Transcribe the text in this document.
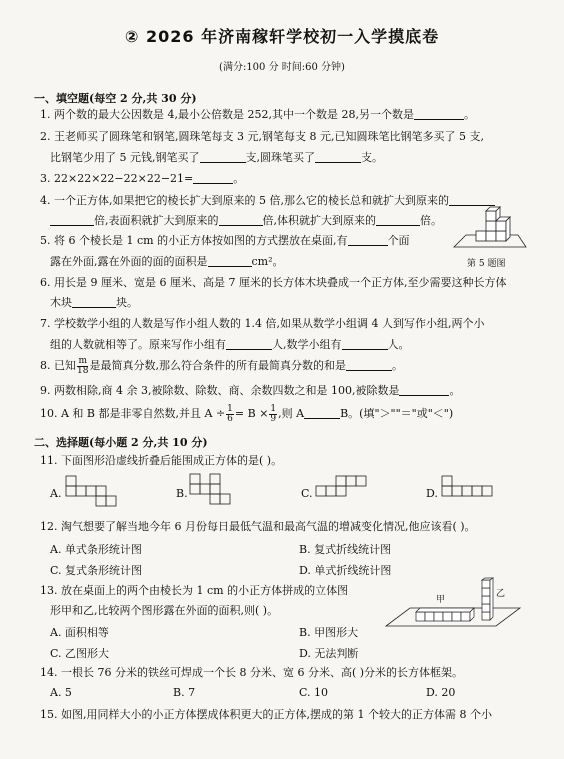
② 2026 年济南稼轩学校初一入学摸底卷
(满分:100 分 时间:60 分钟)
一、填空题(每空 2 分,共 30 分)
1. 两个数的最大公因数是 4,最小公倍数是 252,其中一个数是 28,另一个数是	。
2. 王老师买了圆珠笔和钢笔,圆珠笔每支 3 元,钢笔每支 8 元,已知圆珠笔比钢笔多买了 5 支,
比钢笔少用了 5 元钱,钢笔买了	支,圆珠笔买了	支。
3. 22×22×22−22×22−21=	。
4. 一个正方体,如果把它的棱长扩大到原来的 5 倍,那么它的棱长总和就扩大到原来的
倍,表面积就扩大到原来的	倍,体积就扩大到原来的	倍。
5. 将 6 个棱长是 1 cm 的小正方体按如图的方式摆放在桌面,有	个面
露在外面,露在外面的面的面积是	cm²。	第 5 题图
6. 用长是 9 厘米、宽是 6 厘米、高是 7 厘米的长方体木块叠成一个正方体,至少需要这种长方体
木块	块。
7. 学校数学小组的人数是写作小组人数的 1.4 倍,如果从数学小组调 4 人到写作小组,两个小
组的人数就相等了。原来写作小组有	人,数学小组有	人。
8. 已知 $\frac{m}{18}$ 是最简真分数,那么符合条件的所有最简真分数的和是	。
9. 两数相除,商 4 余 3,被除数、除数、商、余数四数之和是 100,被除数是	。
10. A 和 B 都是非零自然数,并且 $A \div \frac{1}{6} = B \times \frac{1}{9}$ ,则 A	B。(填"＞""＝"或"＜")
二、选择题(每小题 2 分,共 10 分)
11. 下面图形沿虚线折叠后能围成正方体的是( )。
A.	B.	C.	D.
12. 淘气想要了解当地今年 6 月份每日最低气温和最高气温的增减变化情况,他应该看( )。
A. 单式条形统计图	B. 复式折线统计图
C. 复式条形统计图	D. 单式折线统计图
13. 放在桌面上的两个由棱长为 1 cm 的小正方体拼成的立体图
形甲和乙,比较两个图形露在外面的面积,则( )。
A. 面积相等	B. 甲图形大
C. 乙图形大	D. 无法判断
甲
乙
14. 一根长 76 分米的铁丝可焊成一个长 8 分米、宽 6 分米、高( )分米的长方体框架。
A. 5	B. 7	C. 10	D. 20
15. 如图,用同样大小的小正方体摆成体积更大的正方体,摆成的第 1 个较大的正方体需 8 个小
